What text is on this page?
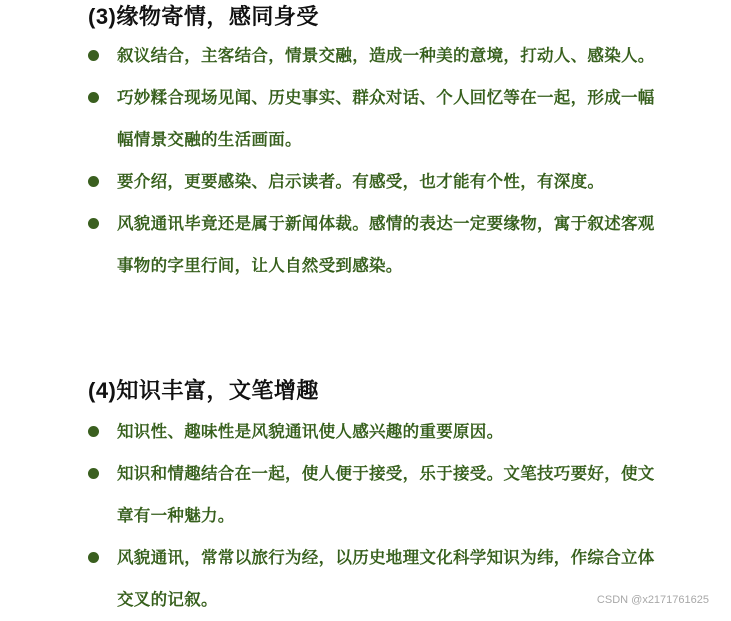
(3)缘物寄情，感同身受
叙议结合，主客结合，情景交融，造成一种美的意境，打动人、感染人。
巧妙糅合现场见闻、历史事实、群众对话、个人回忆等在一起，形成一幅幅情景交融的生活画面。
要介绍，更要感染、启示读者。有感受，也才能有个性，有深度。
风貌通讯毕竟还是属于新闻体裁。感情的表达一定要缘物，寓于叙述客观事物的字里行间，让人自然受到感染。
(4)知识丰富，文笔增趣
知识性、趣味性是风貌通讯使人感兴趣的重要原因。
知识和情趣结合在一起，使人便于接受，乐于接受。文笔技巧要好，使文章有一种魅力。
风貌通讯，常常以旅行为经，以历史地理文化科学知识为纬，作综合立体交叉的记叙。	CSDN @x2171761625
